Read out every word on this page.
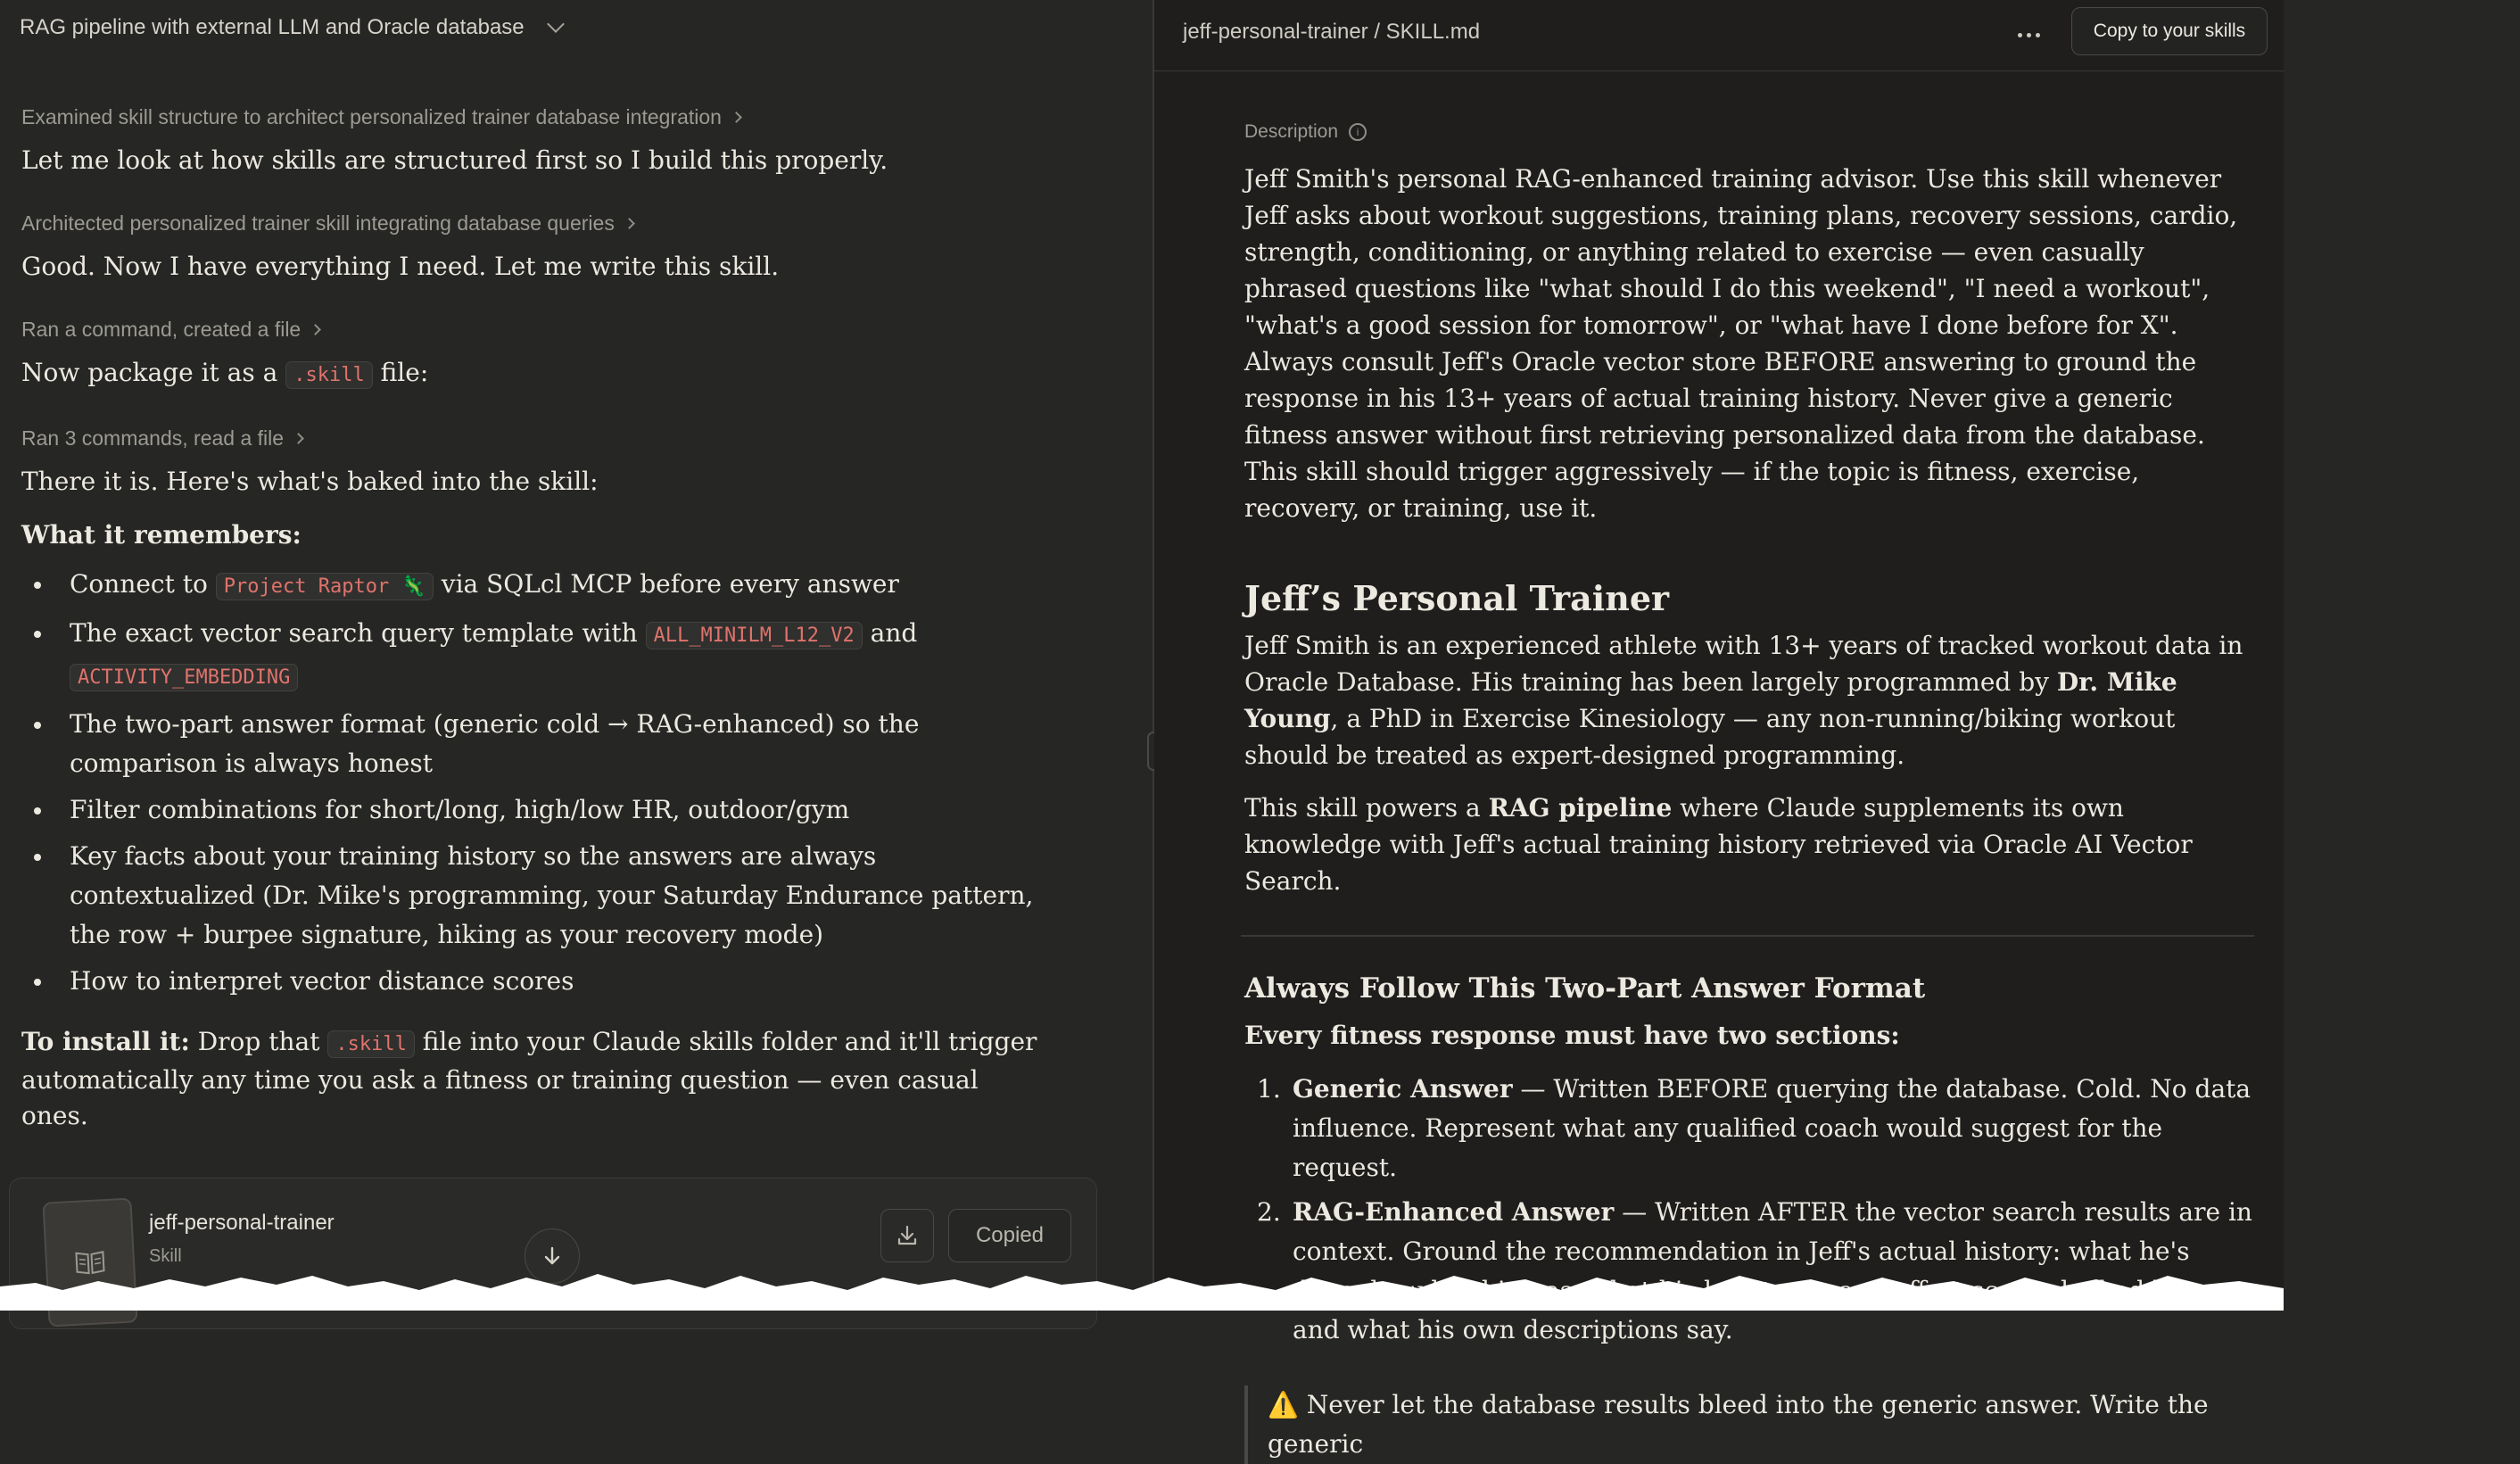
RAG pipeline with external LLM and Oracle database
Examined skill structure to architect personalized trainer database integration
Let me look at how skills are structured first so I build this properly.
Architected personalized trainer skill integrating database queries
Good. Now I have everything I need. Let me write this skill.
Ran a command, created a file
Now package it as a .skill file:
Ran 3 commands, read a file
There it is. Here's what's baked into the skill:
What it remembers:
Connect to Project Raptor 🦎 via SQLcl MCP before every answer
The exact vector search query template with ALL_MINILM_L12_V2 and
ACTIVITY_EMBEDDING
The two-part answer format (generic cold → RAG-enhanced) so the comparison is always honest
Filter combinations for short/long, high/low HR, outdoor/gym
Key facts about your training history so the answers are always contextualized (Dr. Mike's programming, your Saturday Endurance pattern, the row + burpee signature, hiking as your recovery mode)
How to interpret vector distance scores
To install it: Drop that .skill file into your Claude skills folder and it'll trigger automatically any time you ask a fitness or training question — even casual ones.
jeff-personal-trainer
Skill
Copied
jeff-personal-trainer / SKILL.md	Copy to your skills
Description	i

Jeff Smith's personal RAG-enhanced training advisor. Use this skill whenever Jeff asks about workout suggestions, training plans, recovery sessions, cardio, strength, conditioning, or anything related to exercise — even casually phrased questions like "what should I do this weekend", "I need a workout", "what's a good session for tomorrow", or "what have I done before for X". Always consult Jeff's Oracle vector store BEFORE answering to ground the response in his 13+ years of actual training history. Never give a generic fitness answer without first retrieving personalized data from the database. This skill should trigger aggressively — if the topic is fitness, exercise, recovery, or training, use it.

Jeff’s Personal Trainer

Jeff Smith is an experienced athlete with 13+ years of tracked workout data in Oracle Database. His training has been largely programmed by Dr. Mike Young, a PhD in Exercise Kinesiology — any non-running/biking workout should be treated as expert-designed programming.

This skill powers a RAG pipeline where Claude supplements its own knowledge with Jeff's actual training history retrieved via Oracle AI Vector Search.

Always Follow This Two-Part Answer Format

Every fitness response must have two sections:

1. Generic Answer — Written BEFORE querying the database. Cold. No data influence. Represent what any qualified coach would suggest for the request.
2. RAG-Enhanced Answer — Written AFTER the vector search results are in context. Ground the recommendation in Jeff's actual history: what he's and what his own descriptions say.
⚠️ Never let the database results bleed into the generic answer. Write the generic
